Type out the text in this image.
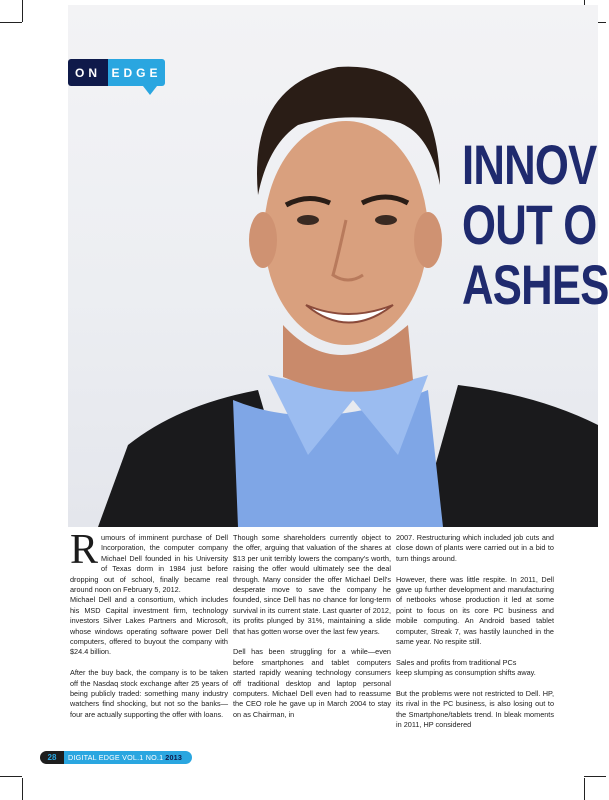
INNOV
OUT O
ASHES
ON EDGE

R umours of imminent purchase of Dell Incorporation, the computer company Michael Dell founded in his University of Texas dorm in 1984 just before dropping out of school, finally became real around noon on February 5, 2012.
Michael Dell and a consortium, which includes his MSD Capital investment firm, technology investors Silver Lakes Partners and Microsoft, whose windows operating software power Dell computers, offered to buyout the company with $24.4 billion.

After the buy back, the company is to be taken off the Nasdaq stock exchange after 25 years of being publicly traded: something many industry watchers find shocking, but not so the banks—four are actually supporting the offer with loans.

Though some shareholders currently object to the offer, arguing that valuation of the shares at $13 per unit terribly lowers the company's worth, raising the offer would ultimately see the deal through. Many consider the offer Michael Dell's desperate move to save the company he founded, since Dell has no chance for long-term survival in its current state. Last quarter of 2012, its profits plunged by 31%, maintaining a slide that has gotten worse over the last few years.

Dell has been struggling for a while—even before smartphones and tablet computers started rapidly weaning technology consumers off traditional desktop and laptop personal computers. Michael Dell even had to reassume the CEO role he gave up in March 2004 to stay on as Chairman, in

2007. Restructuring which included job cuts and close down of plants were carried out in a bid to turn things around.

However, there was little respite. In 2011, Dell gave up further development and manufacturing of netbooks whose production it led at some point to focus on its core PC business and mobile computing. An Android based tablet computer, Streak 7, was hastily launched in the same year. No respite still.

Sales and profits from traditional PCs
keep slumping as consumption shifts away.

But the problems were not restricted to Dell. HP, its rival in the PC business, is also losing out to the Smartphone/tablets trend. In bleak moments in 2011, HP considered

28	DIGITAL EDGE VOL.1 NO.1 2013
